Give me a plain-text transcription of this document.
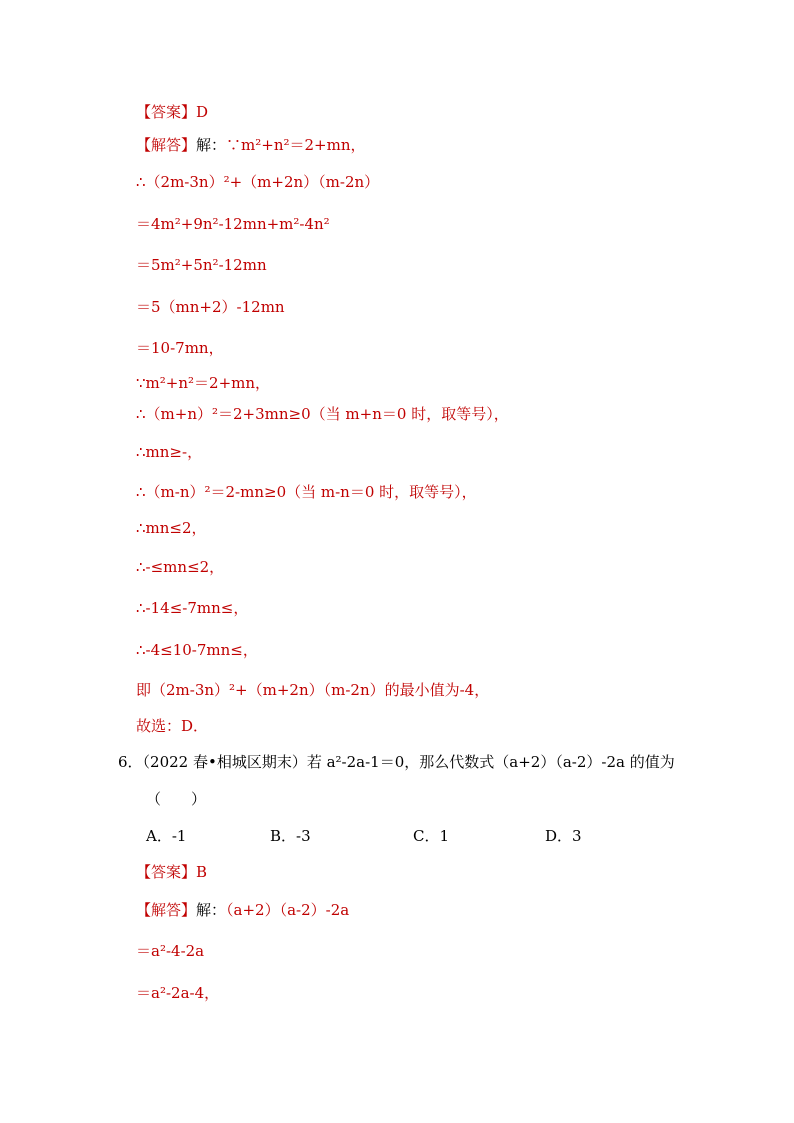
【答案】D
【解答】解：∵m²+n²＝2+mn，
∴（2m-3n）²+（m+2n）（m-2n）
＝4m²+9n²-12mn+m²-4n²
＝5m²+5n²-12mn
＝5（mn+2）-12mn
＝10-7mn，
∵m²+n²＝2+mn，
∴（m+n）²＝2+3mn≥0（当 m+n＝0 时，取等号），
∴mn≥-，
∴（m-n）²＝2-mn≥0（当 m-n＝0 时，取等号），
∴mn≤2，
∴-≤mn≤2，
∴-14≤-7mn≤，
∴-4≤10-7mn≤，
即（2m-3n）²+（m+2n）（m-2n）的最小值为-4，
故选：D．
6．（2022 春•相城区期末）若 a²-2a-1＝0，那么代数式（a+2）（a-2）-2a 的值为
（　　）
A．-1	B．-3	C．1	D．3
【答案】B
【解答】解：（a+2）（a-2）-2a
＝a²-4-2a
＝a²-2a-4，
